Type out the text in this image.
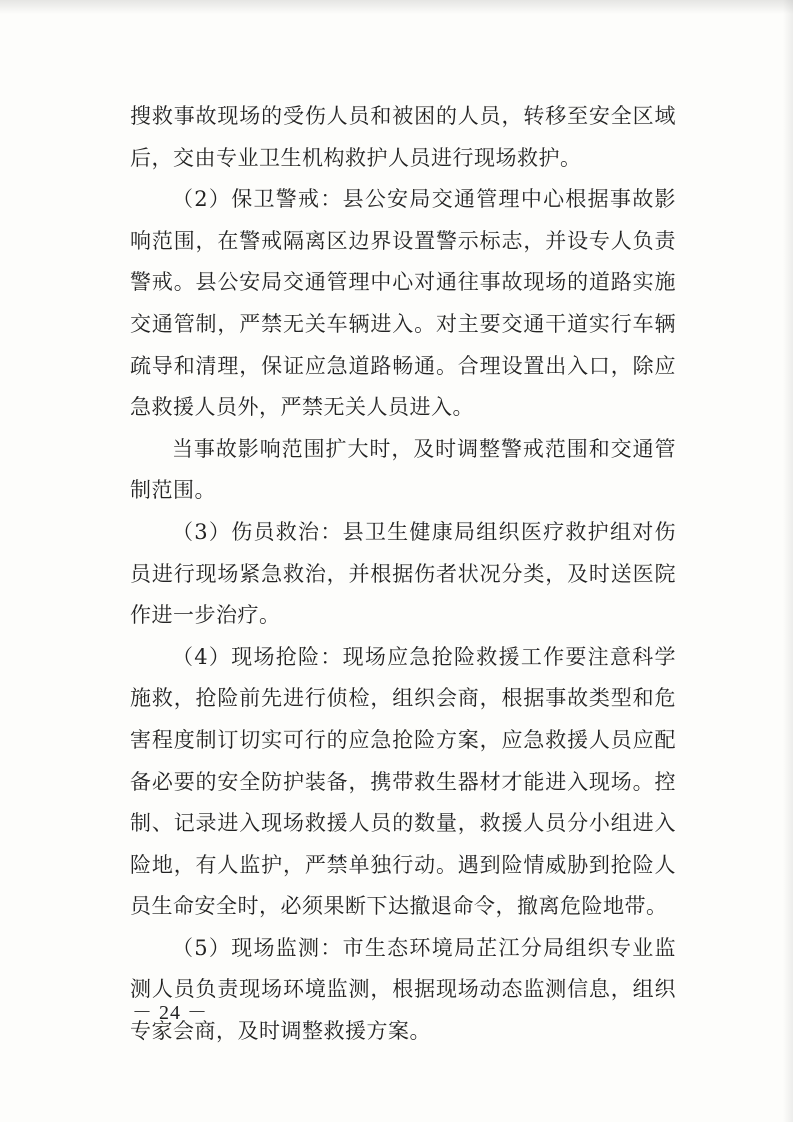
搜救事故现场的受伤人员和被困的人员，转移至安全区域后，交由专业卫生机构救护人员进行现场救护。

（2）保卫警戒：县公安局交通管理中心根据事故影响范围，在警戒隔离区边界设置警示标志，并设专人负责警戒。县公安局交通管理中心对通往事故现场的道路实施交通管制，严禁无关车辆进入。对主要交通干道实行车辆疏导和清理，保证应急道路畅通。合理设置出入口，除应急救援人员外，严禁无关人员进入。

当事故影响范围扩大时，及时调整警戒范围和交通管制范围。

（3）伤员救治：县卫生健康局组织医疗救护组对伤员进行现场紧急救治，并根据伤者状况分类，及时送医院作进一步治疗。

（4）现场抢险：现场应急抢险救援工作要注意科学施救，抢险前先进行侦检，组织会商，根据事故类型和危害程度制订切实可行的应急抢险方案，应急救援人员应配备必要的安全防护装备，携带救生器材才能进入现场。控制、记录进入现场救援人员的数量，救援人员分小组进入险地，有人监护，严禁单独行动。遇到险情威胁到抢险人员生命安全时，必须果断下达撤退命令，撤离危险地带。

（5）现场监测：市生态环境局芷江分局组织专业监测人员负责现场环境监测，根据现场动态监测信息，组织专家会商，及时调整救援方案。

－ 24 －
